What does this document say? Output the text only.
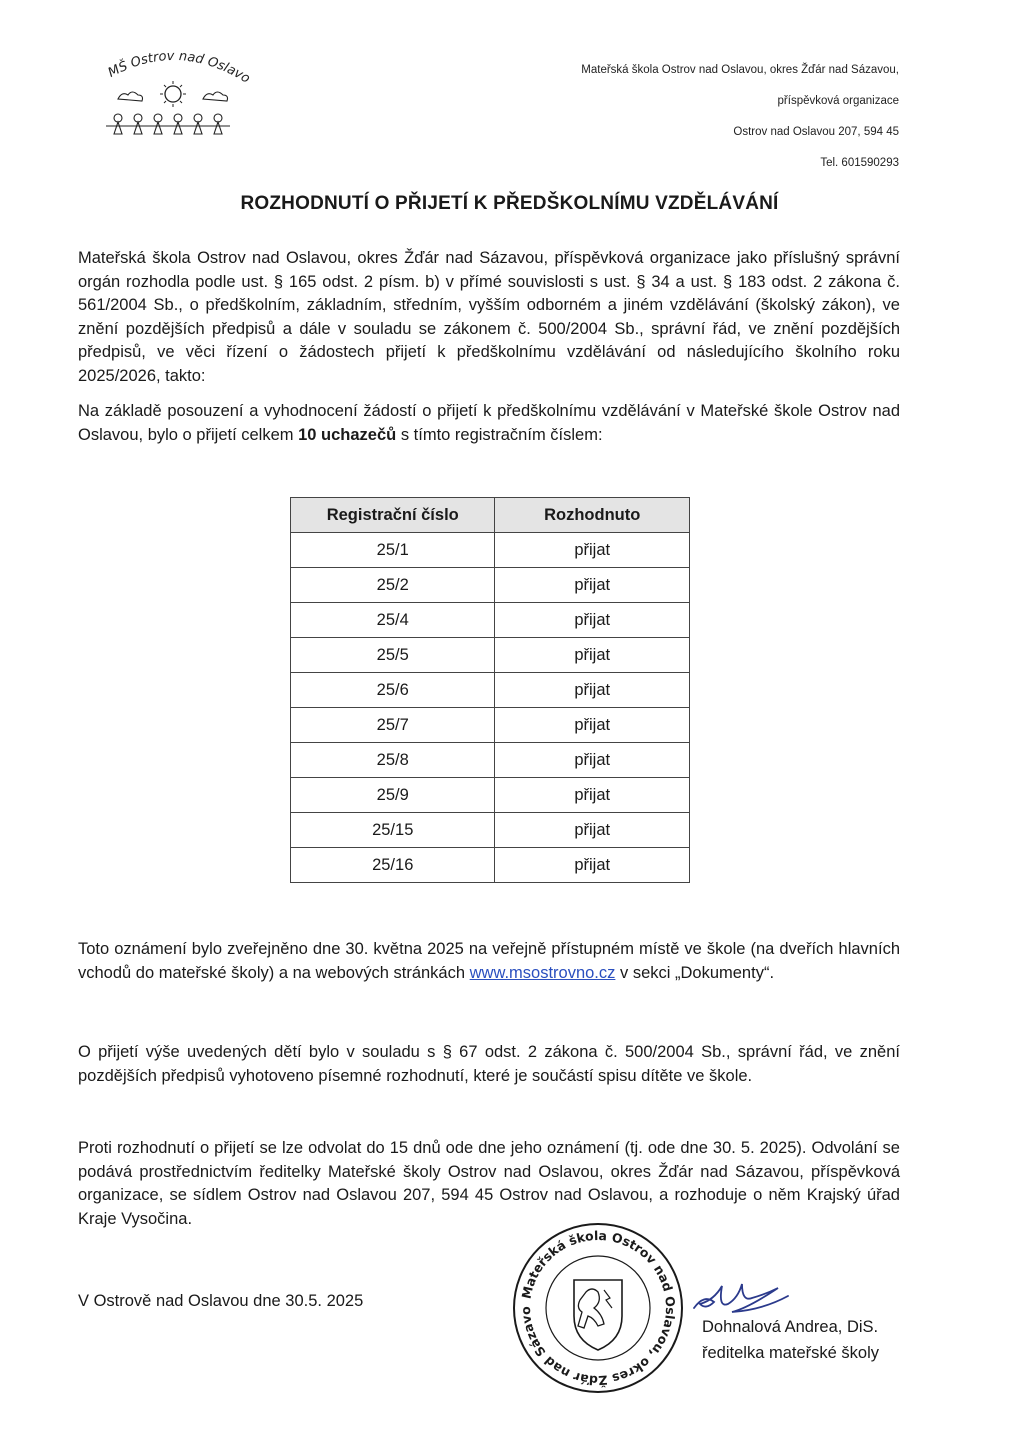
MŠ Ostrov nad Oslavo	Mateřská škola Ostrov nad Oslavou, okres Žďár nad Sázavou,
příspěvková organizace
Ostrov nad Oslavou 207, 594 45
Tel. 601590293
ROZHODNUTÍ O PŘIJETÍ K PŘEDŠKOLNÍMU VZDĚLÁVÁNÍ
Mateřská škola Ostrov nad Oslavou, okres Žďár nad Sázavou, příspěvková organizace jako příslušný správní orgán rozhodla podle ust. § 165 odst. 2 písm. b) v přímé souvislosti s ust. § 34 a ust. § 183 odst. 2 zákona č. 561/2004 Sb., o předškolním, základním, středním, vyšším odborném a jiném vzdělávání (školský zákon), ve znění pozdějších předpisů a dále v souladu se zákonem č. 500/2004 Sb., správní řád, ve znění pozdějších předpisů, ve věci řízení o žádostech přijetí k předškolnímu vzdělávání od následujícího školního roku 2025/2026, takto:
Na základě posouzení a vyhodnocení žádostí o přijetí k předškolnímu vzdělávání v Mateřské škole Ostrov nad Oslavou, bylo o přijetí celkem 10 uchazečů s tímto registračním číslem:
Registrační číslo	Rozhodnuto
25/1	přijat
25/2	přijat
25/4	přijat
25/5	přijat
25/6	přijat
25/7	přijat
25/8	přijat
25/9	přijat
25/15	přijat
25/16	přijat
Toto oznámení bylo zveřejněno dne 30. května 2025 na veřejně přístupném místě ve škole (na dveřích hlavních vchodů do mateřské školy) a na webových stránkách www.msostrovno.cz v sekci „Dokumenty“.
O přijetí výše uvedených dětí bylo v souladu s § 67 odst. 2 zákona č. 500/2004 Sb., správní řád, ve znění pozdějších předpisů vyhotoveno písemné rozhodnutí, které je součástí spisu dítěte ve škole.
Proti rozhodnutí o přijetí se lze odvolat do 15 dnů ode dne jeho oznámení (tj. ode dne 30. 5. 2025). Odvolání se podává prostřednictvím ředitelky Mateřské školy Ostrov nad Oslavou, okres Žďár nad Sázavou, příspěvková organizace, se sídlem Ostrov nad Oslavou 207, 594 45 Ostrov nad Oslavou, a rozhoduje o něm Krajský úřad Kraje Vysočina.
V Ostrově nad Oslavou dne 30.5. 2025	Mateřská škola Ostrov nad Oslavou, okres Žďár nad Sázavo
Dohnalová Andrea, DiS.
ředitelka mateřské školy
